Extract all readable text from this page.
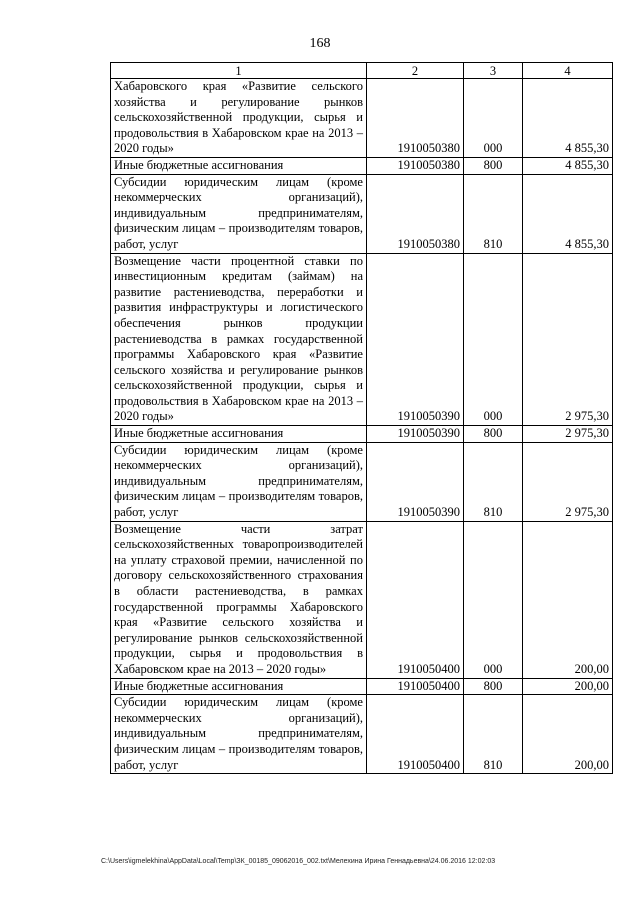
168
1	2	3	4
Хабаровского края «Развитие сельского хозяйства и регулирование рынков сельскохозяйственной продукции, сырья и продовольствия в Хабаровском крае на 2013 – 2020 годы»	1910050380	000	4 855,30
Иные бюджетные ассигнования	1910050380	800	4 855,30
Субсидии юридическим лицам (кроме некоммерческих организаций), индивидуальным предпринимателям, физическим лицам – производителям товаров, работ, услуг	1910050380	810	4 855,30
Возмещение части процентной ставки по инвестиционным кредитам (займам) на развитие растениеводства, переработки и развития инфраструктуры и логистического обеспечения рынков продукции растениеводства в рамках государственной программы Хабаровского края «Развитие сельского хозяйства и регулирование рынков сельскохозяйственной продукции, сырья и продовольствия в Хабаровском крае на 2013 – 2020 годы»	1910050390	000	2 975,30
Иные бюджетные ассигнования	1910050390	800	2 975,30
Субсидии юридическим лицам (кроме некоммерческих организаций), индивидуальным предпринимателям, физическим лицам – производителям товаров, работ, услуг	1910050390	810	2 975,30
Возмещение части затрат сельскохозяйственных товаропроизводителей на уплату страховой премии, начисленной по договору сельскохозяйственного страхования в области растениеводства, в рамках государственной программы Хабаровского края «Развитие сельского хозяйства и регулирование рынков сельскохозяйственной продукции, сырья и продовольствия в Хабаровском крае на 2013 – 2020 годы»	1910050400	000	200,00
Иные бюджетные ассигнования	1910050400	800	200,00
Субсидии юридическим лицам (кроме некоммерческих организаций), индивидуальным предпринимателям, физическим лицам – производителям товаров, работ, услуг	1910050400	810	200,00
C:\Users\igmelekhina\AppData\Local\Temp\ЗК_00185_09062016_002.txt\Мелехина Ирина Геннадьевна\24.06.2016 12:02:03
